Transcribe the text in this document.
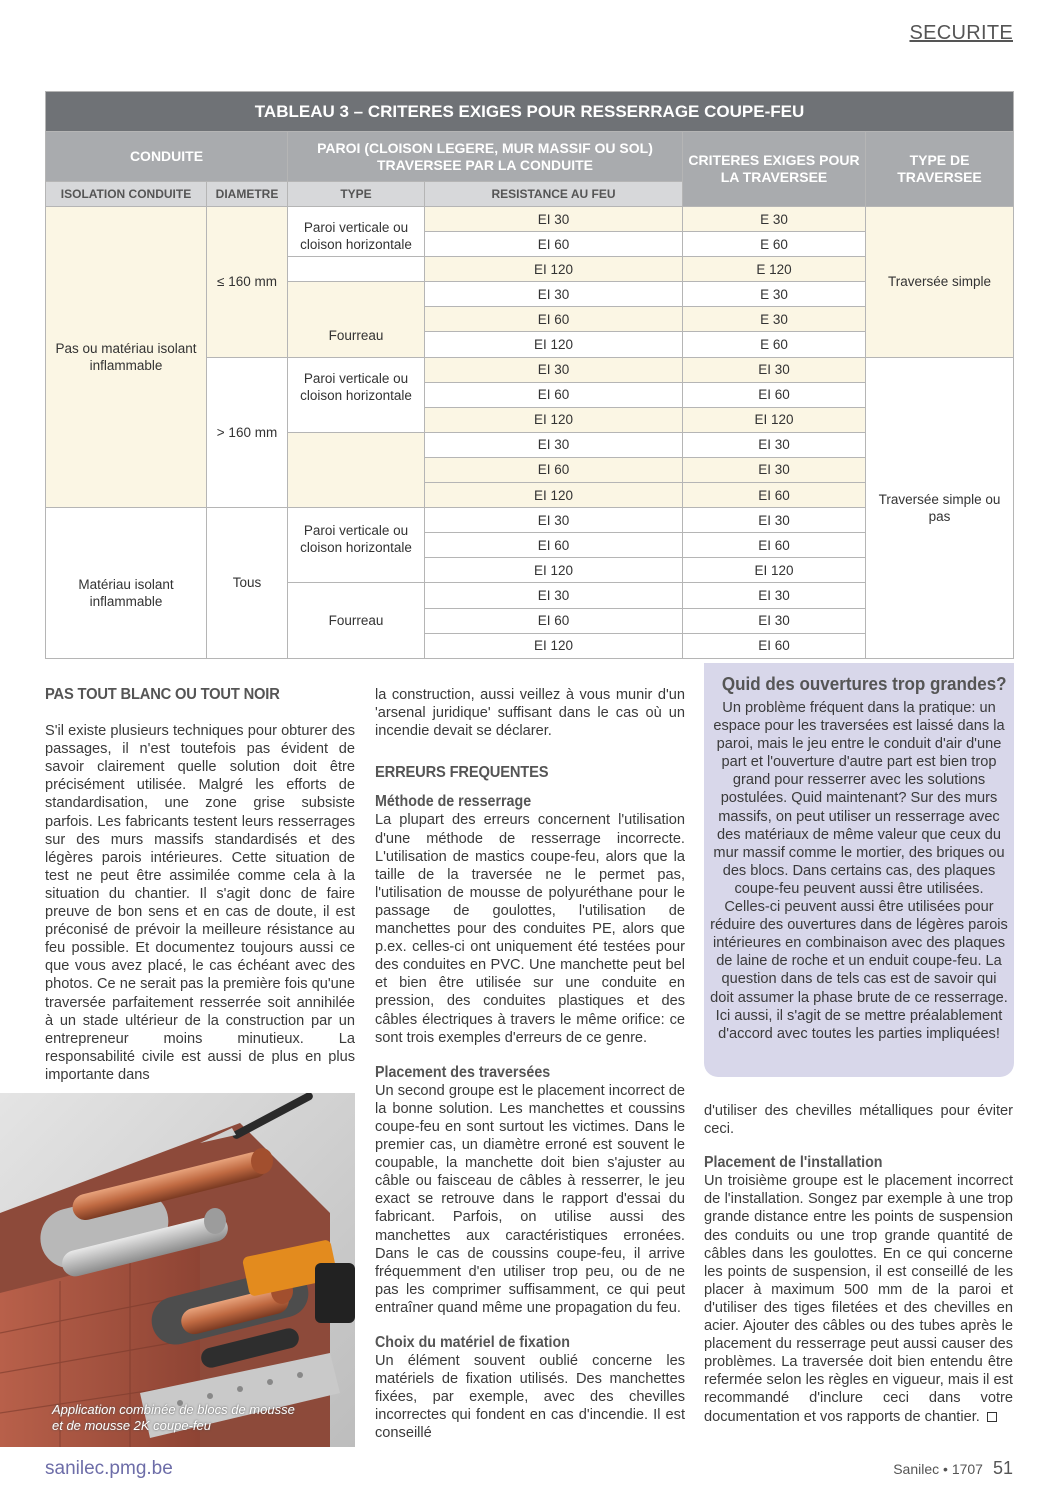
SECURITE
TABLEAU 3 – CRITERES EXIGES POUR RESSERRAGE COUPE-FEU					
CONDUITE		PAROI (CLOISON LEGERE, MUR MASSIF OU SOL) TRAVERSEE PAR LA CONDUITE		CRITERES EXIGES POUR LA TRAVERSEE	TYPE DE TRAVERSEE
ISOLATION CONDUITE	DIAMETRE	TYPE	RESISTANCE AU FEU		
Pas ou matériau isolant inflammable	≤ 160 mm	Paroi verticale ou cloison horizontale	EI 30	E 30	Traversée simple
			EI 60	E 60	
			EI 120	E 120	
		Fourreau	EI 30	E 30	
			EI 60	E 30	
			EI 120	E 60	
	> 160 mm	Paroi verticale ou cloison horizontale	EI 30	EI 30	Traversée simple ou pas
			EI 60	EI 60	
			EI 120	EI 120	
			EI 30	EI 30	
			EI 60	EI 30	
			EI 120	EI 60	
Matériau isolant inflammable	Tous	Paroi verticale ou cloison horizontale	EI 30	EI 30	
			EI 60	EI 60	
			EI 120	EI 120	
		Fourreau	EI 30	EI 30	
			EI 60	EI 30	
			EI 120	EI 60	
PAS TOUT BLANC OU TOUT NOIR

S'il existe plusieurs techniques pour obturer des passages, il n'est toutefois pas évident de savoir clairement quelle solution doit être précisément utilisée. Malgré les efforts de standardisation, une zone grise subsiste parfois. Les fabricants testent leurs resserrages sur des murs massifs standardisés et des légères parois intérieures. Cette situation de test ne peut être assimilée comme cela à la situation du chantier. Il s'agit donc de faire preuve de bon sens et en cas de doute, il est préconisé de prévoir la meilleure résistance au feu possible. Et documentez toujours aussi ce que vous avez placé, le cas échéant avec des photos. Ce ne serait pas la première fois qu'une traversée parfaitement resserrée soit annihilée à un stade ultérieur de la construction par un entrepreneur moins minutieux. La responsabilité civile est aussi de plus en plus importante dans

la construction, aussi veillez à vous munir d'un 'arsenal juridique' suffisant dans le cas où un incendie devait se déclarer.

ERREURS FREQUENTES
Méthode de resserrage

La plupart des erreurs concernent l'utilisation d'une méthode de resserrage incorrecte. L'utilisation de mastics coupe-feu, alors que la taille de la traversée ne le permet pas, l'utilisation de mousse de polyuréthane pour le passage de goulottes, l'utilisation de manchettes pour des conduites PE, alors que p.ex. celles-ci ont uniquement été testées pour des conduites en PVC. Une manchette peut bel et bien être utilisée sur une conduite en pression, des conduites plastiques et des câbles électriques à travers le même orifice: ce sont trois exemples d'erreurs de ce genre.

Placement des traversées

Un second groupe est le placement incorrect de la bonne solution. Les manchettes et coussins coupe-feu en sont surtout les victimes. Dans le premier cas, un diamètre erroné est souvent le coupable, la manchette doit bien s'ajuster au câble ou faisceau de câbles à resserrer, le jeu exact se retrouve dans le rapport d'essai du fabricant. Parfois, on utilise aussi des manchettes aux caractéristiques erronées. Dans le cas de coussins coupe-feu, il arrive fréquemment d'en utiliser trop peu, ou de ne pas les comprimer suffisamment, ce qui peut entraîner quand même une propagation du feu.

Choix du matériel de fixation

Un élément souvent oublié concerne les matériels de fixation utilisés. Des manchettes fixées, par exemple, avec des chevilles incorrectes qui fondent en cas d'incendie. Il est conseillé

Quid des ouvertures trop grandes?

Un problème fréquent dans la pratique: un espace pour les traversées est laissé dans la paroi, mais le jeu entre le conduit d'air d'une part et l'ouverture d'autre part est bien trop grand pour resserrer avec les solutions postulées. Quid maintenant? Sur des murs massifs, on peut utiliser un resserrage avec des matériaux de même valeur que ceux du mur massif comme le mortier, des briques ou des blocs. Dans certains cas, des plaques coupe-feu peuvent aussi être utilisées. Celles-ci peuvent aussi être utilisées pour réduire des ouvertures dans de légères parois intérieures en combinaison avec des plaques de laine de roche et un enduit coupe-feu. La question dans de tels cas est de savoir qui doit assumer la phase brute de ce resserrage. Ici aussi, il s'agit de se mettre préalablement d'accord avec toutes les parties impliquées!

d'utiliser des chevilles métalliques pour éviter ceci.

Placement de l'installation

Un troisième groupe est le placement incorrect de l'installation. Songez par exemple à une trop grande distance entre les points de suspension des conduits ou une trop grande quantité de câbles dans les goulottes. En ce qui concerne les points de suspension, il est conseillé de les placer à maximum 500 mm de la paroi et d'utiliser des tiges filetées et des chevilles en acier. Ajouter des câbles ou des tubes après le placement du resserrage peut aussi causer des problèmes. La traversée doit bien entendu être refermée selon les règles en vigueur, mais il est recommandé d'inclure ceci dans votre documentation et vos rapports de chantier.

Application combinée de blocs de mousse
et de mousse 2K coupe-feu
sanilec.pmg.be	Sanilec • 1707 51
